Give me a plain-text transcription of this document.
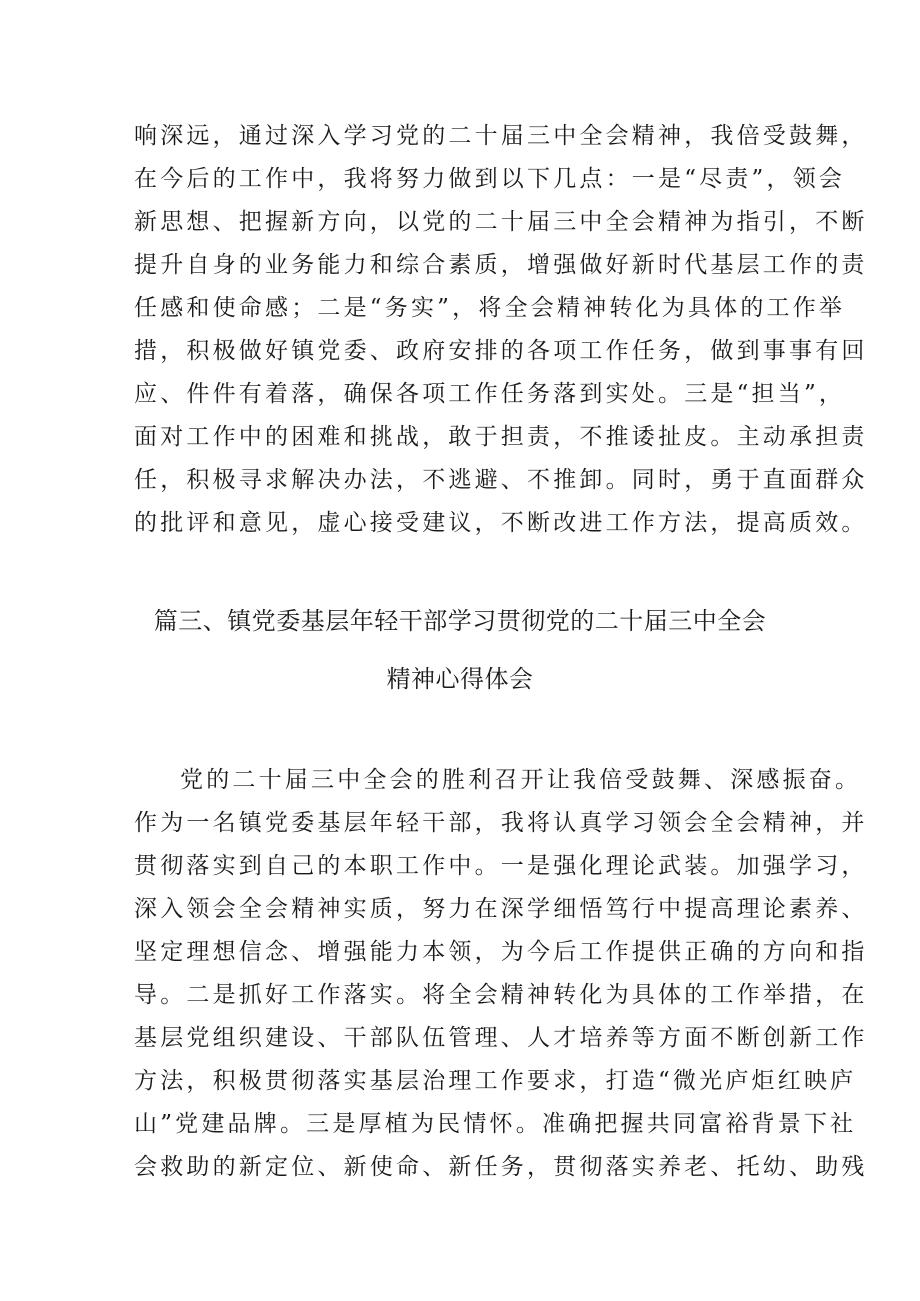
响深远，通过深入学习党的二十届三中全会精神，我倍受鼓舞，
在今后的工作中，我将努力做到以下几点：一是“尽责”，领会
新思想、把握新方向，以党的二十届三中全会精神为指引，不断
提升自身的业务能力和综合素质，增强做好新时代基层工作的责
任感和使命感；二是“务实”，将全会精神转化为具体的工作举
措，积极做好镇党委、政府安排的各项工作任务，做到事事有回
应、件件有着落，确保各项工作任务落到实处。三是“担当”，
面对工作中的困难和挑战，敢于担责，不推诿扯皮。主动承担责
任，积极寻求解决办法，不逃避、不推卸。同时，勇于直面群众
的批评和意见，虚心接受建议，不断改进工作方法，提高质效。
篇三、镇党委基层年轻干部学习贯彻党的二十届三中全会
精神心得体会
党的二十届三中全会的胜利召开让我倍受鼓舞、深感振奋。
作为一名镇党委基层年轻干部，我将认真学习领会全会精神，并
贯彻落实到自己的本职工作中。一是强化理论武装。加强学习，
深入领会全会精神实质，努力在深学细悟笃行中提高理论素养、
坚定理想信念、增强能力本领，为今后工作提供正确的方向和指
导。二是抓好工作落实。将全会精神转化为具体的工作举措，在
基层党组织建设、干部队伍管理、人才培养等方面不断创新工作
方法，积极贯彻落实基层治理工作要求，打造“微光庐炬红映庐
山”党建品牌。三是厚植为民情怀。准确把握共同富裕背景下社
会救助的新定位、新使命、新任务，贯彻落实养老、托幼、助残
